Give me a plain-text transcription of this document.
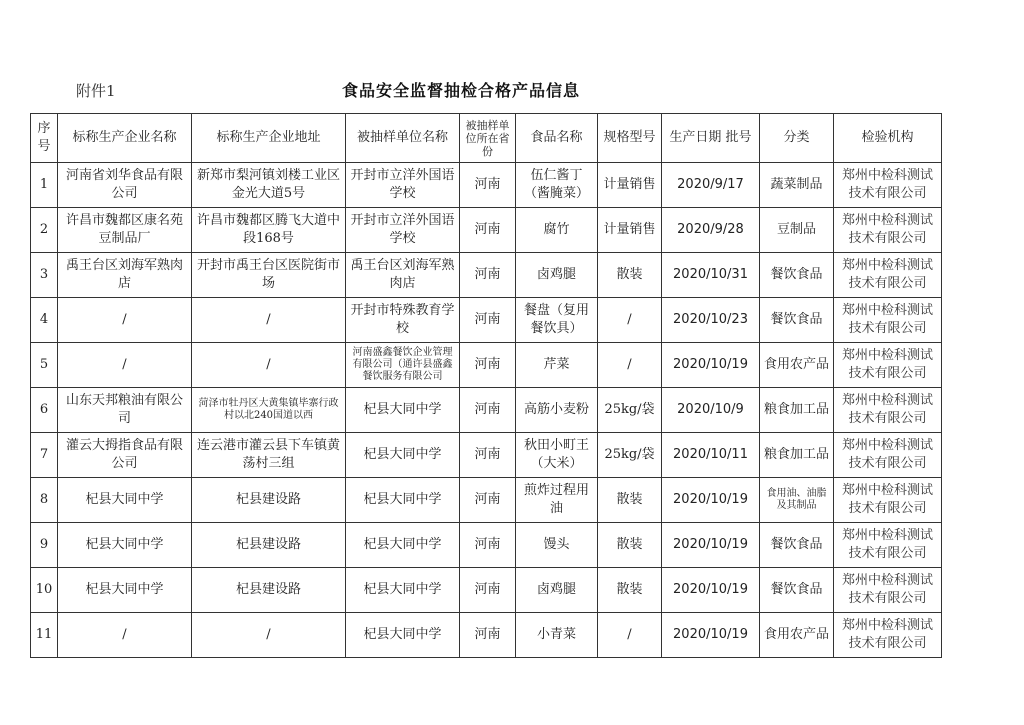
附件1	食品安全监督抽检合格产品信息
序号	标称生产企业名称	标称生产企业地址	被抽样单位名称	被抽样单位所在省份	食品名称	规格型号	生产日期 批号	分类	检验机构
1	河南省刘华食品有限公司	新郑市梨河镇刘楼工业区金光大道5号	开封市立洋外国语学校	河南	伍仁酱丁（酱腌菜）	计量销售	2020/9/17	蔬菜制品	郑州中检科测试技术有限公司
2	许昌市魏都区康名苑豆制品厂	许昌市魏都区腾飞大道中段168号	开封市立洋外国语学校	河南	腐竹	计量销售	2020/9/28	豆制品	郑州中检科测试技术有限公司
3	禹王台区刘海军熟肉店	开封市禹王台区医院街市场	禹王台区刘海军熟肉店	河南	卤鸡腿	散装	2020/10/31	餐饮食品	郑州中检科测试技术有限公司
4	/	/	开封市特殊教育学校	河南	餐盘（复用餐饮具）	/	2020/10/23	餐饮食品	郑州中检科测试技术有限公司
5	/	/	河南盛鑫餐饮企业管理有限公司（通许县盛鑫餐饮服务有限公司	河南	芹菜	/	2020/10/19	食用农产品	郑州中检科测试技术有限公司
6	山东天邦粮油有限公司	菏泽市牡丹区大黄集镇毕寨行政村以北240国道以西	杞县大同中学	河南	高筋小麦粉	25kg/袋	2020/10/9	粮食加工品	郑州中检科测试技术有限公司
7	灌云大拇指食品有限公司	连云港市灌云县下车镇黄荡村三组	杞县大同中学	河南	秋田小町王（大米）	25kg/袋	2020/10/11	粮食加工品	郑州中检科测试技术有限公司
8	杞县大同中学	杞县建设路	杞县大同中学	河南	煎炸过程用油	散装	2020/10/19	食用油、油脂及其制品	郑州中检科测试技术有限公司
9	杞县大同中学	杞县建设路	杞县大同中学	河南	馒头	散装	2020/10/19	餐饮食品	郑州中检科测试技术有限公司
10	杞县大同中学	杞县建设路	杞县大同中学	河南	卤鸡腿	散装	2020/10/19	餐饮食品	郑州中检科测试技术有限公司
11	/	/	杞县大同中学	河南	小青菜	/	2020/10/19	食用农产品	郑州中检科测试技术有限公司
